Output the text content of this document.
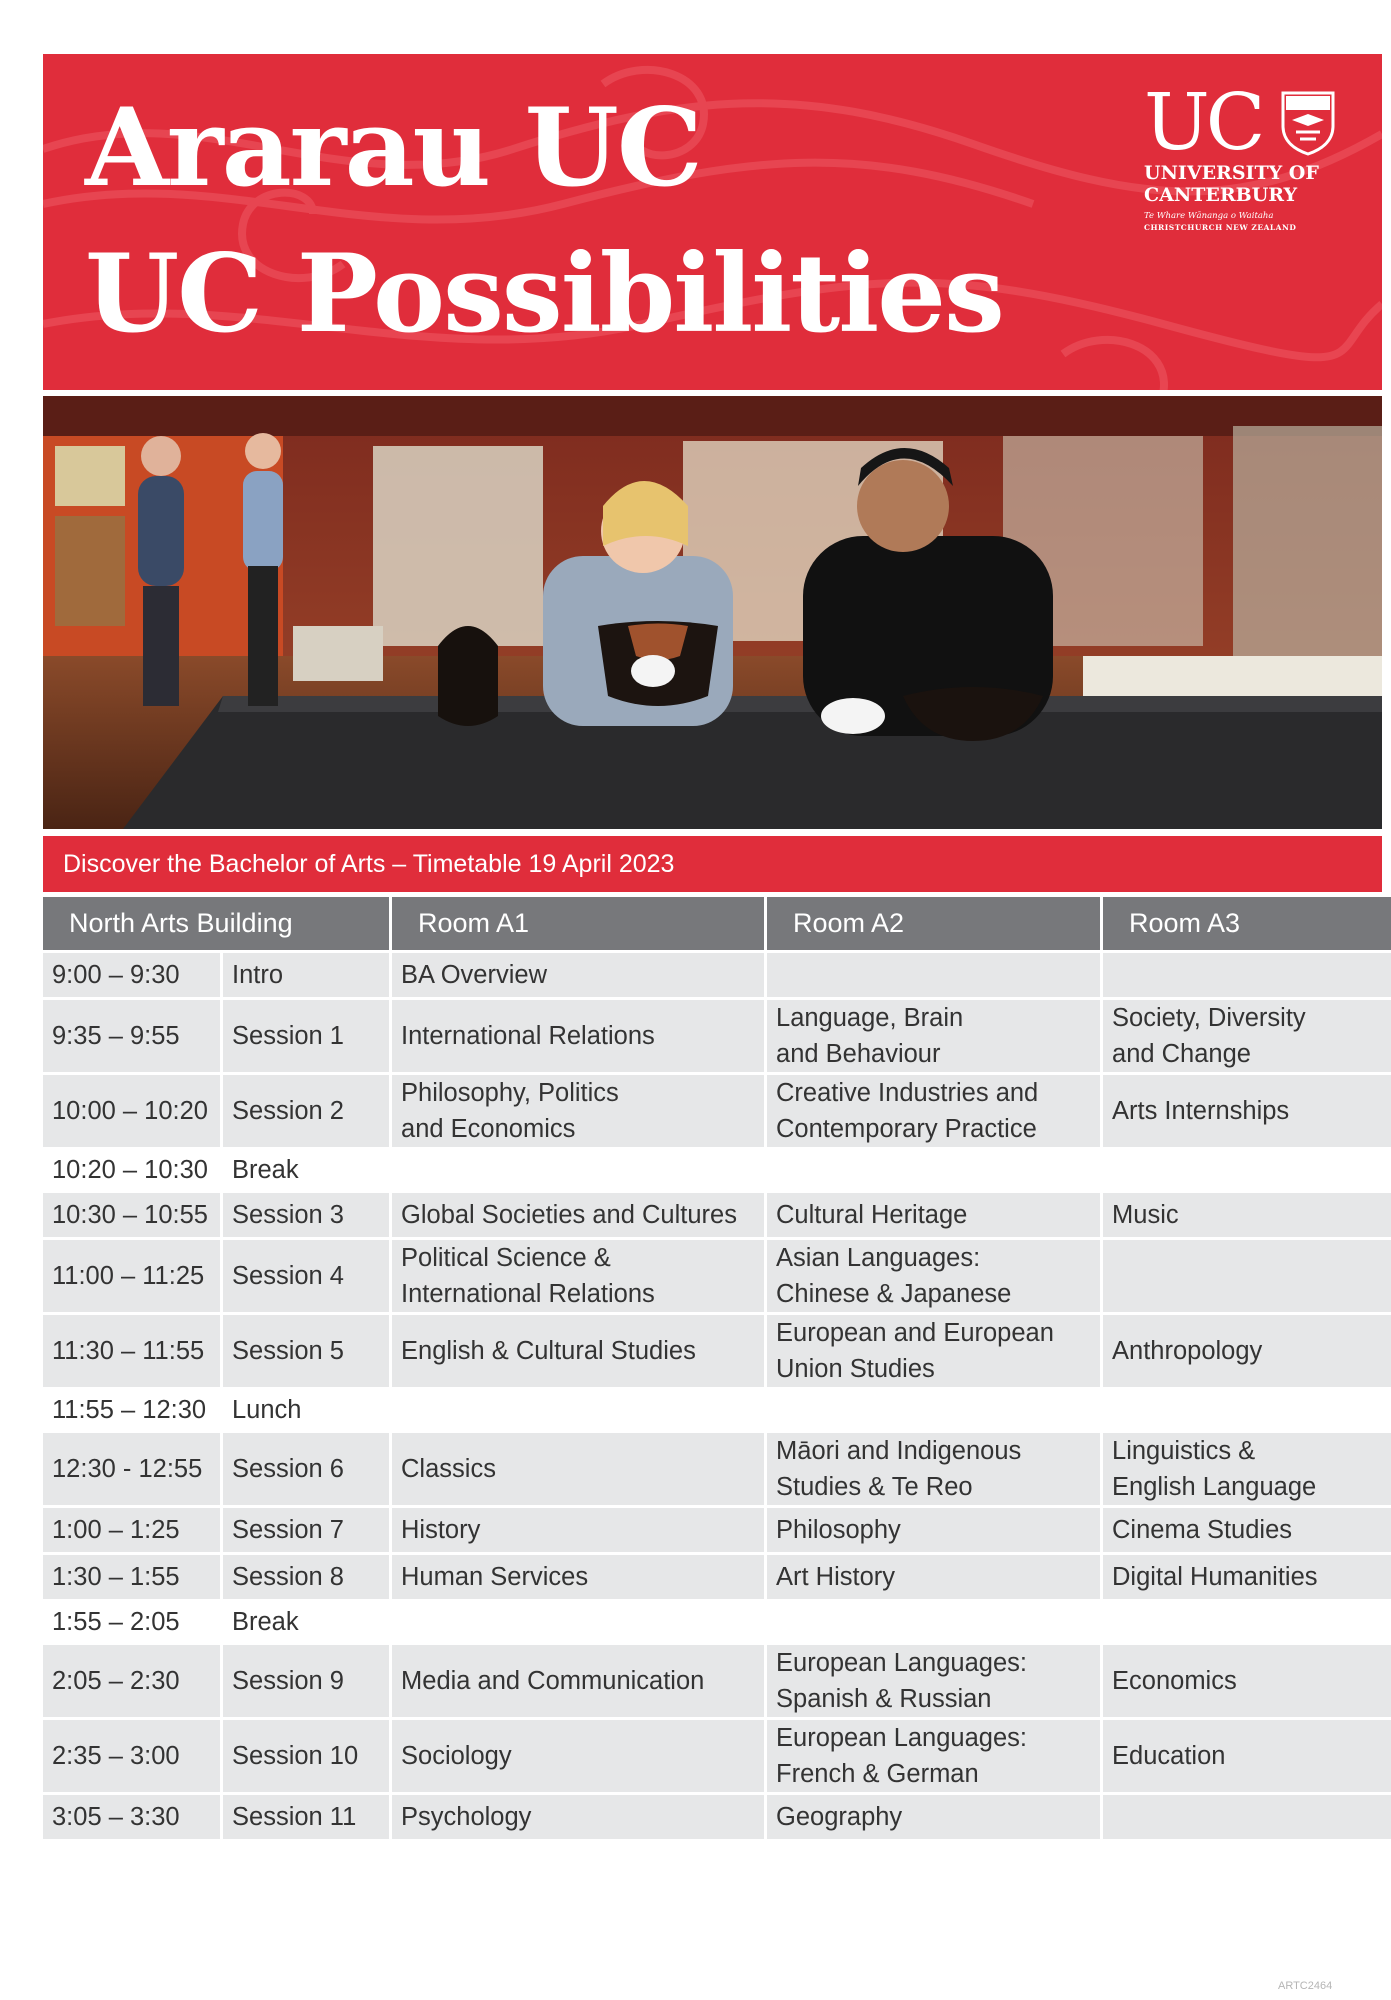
Ararau UC
UC Possibilities
UC
UNIVERSITY OF
CANTERBURY
Te Whare Wānanga o Waitaha
CHRISTCHURCH NEW ZEALAND
Discover the Bachelor of Arts – Timetable 19 April 2023
North Arts Building		Room A1	Room A2	Room A3
9:00 – 9:30	Intro	BA Overview		
9:35 – 9:55	Session 1	International Relations	Language, Brain
and Behaviour	Society, Diversity
and Change
10:00 – 10:20	Session 2	Philosophy, Politics
and Economics	Creative Industries and
Contemporary Practice	Arts Internships
10:20 – 10:30	Break			
10:30 – 10:55	Session 3	Global Societies and Cultures	Cultural Heritage	Music
11:00 – 11:25	Session 4	Political Science &
International Relations	Asian Languages:
Chinese & Japanese	
11:30 – 11:55	Session 5	English & Cultural Studies	European and European
Union Studies	Anthropology
11:55 – 12:30	Lunch			
12:30 - 12:55	Session 6	Classics	Māori and Indigenous
Studies & Te Reo	Linguistics &
English Language
1:00 – 1:25	Session 7	History	Philosophy	Cinema Studies
1:30 – 1:55	Session 8	Human Services	Art History	Digital Humanities
1:55 – 2:05	Break			
2:05 – 2:30	Session 9	Media and Communication	European Languages:
Spanish & Russian	Economics
2:35 – 3:00	Session 10	Sociology	European Languages:
French & German	Education
3:05 – 3:30	Session 11	Psychology	Geography	
ARTC2464
